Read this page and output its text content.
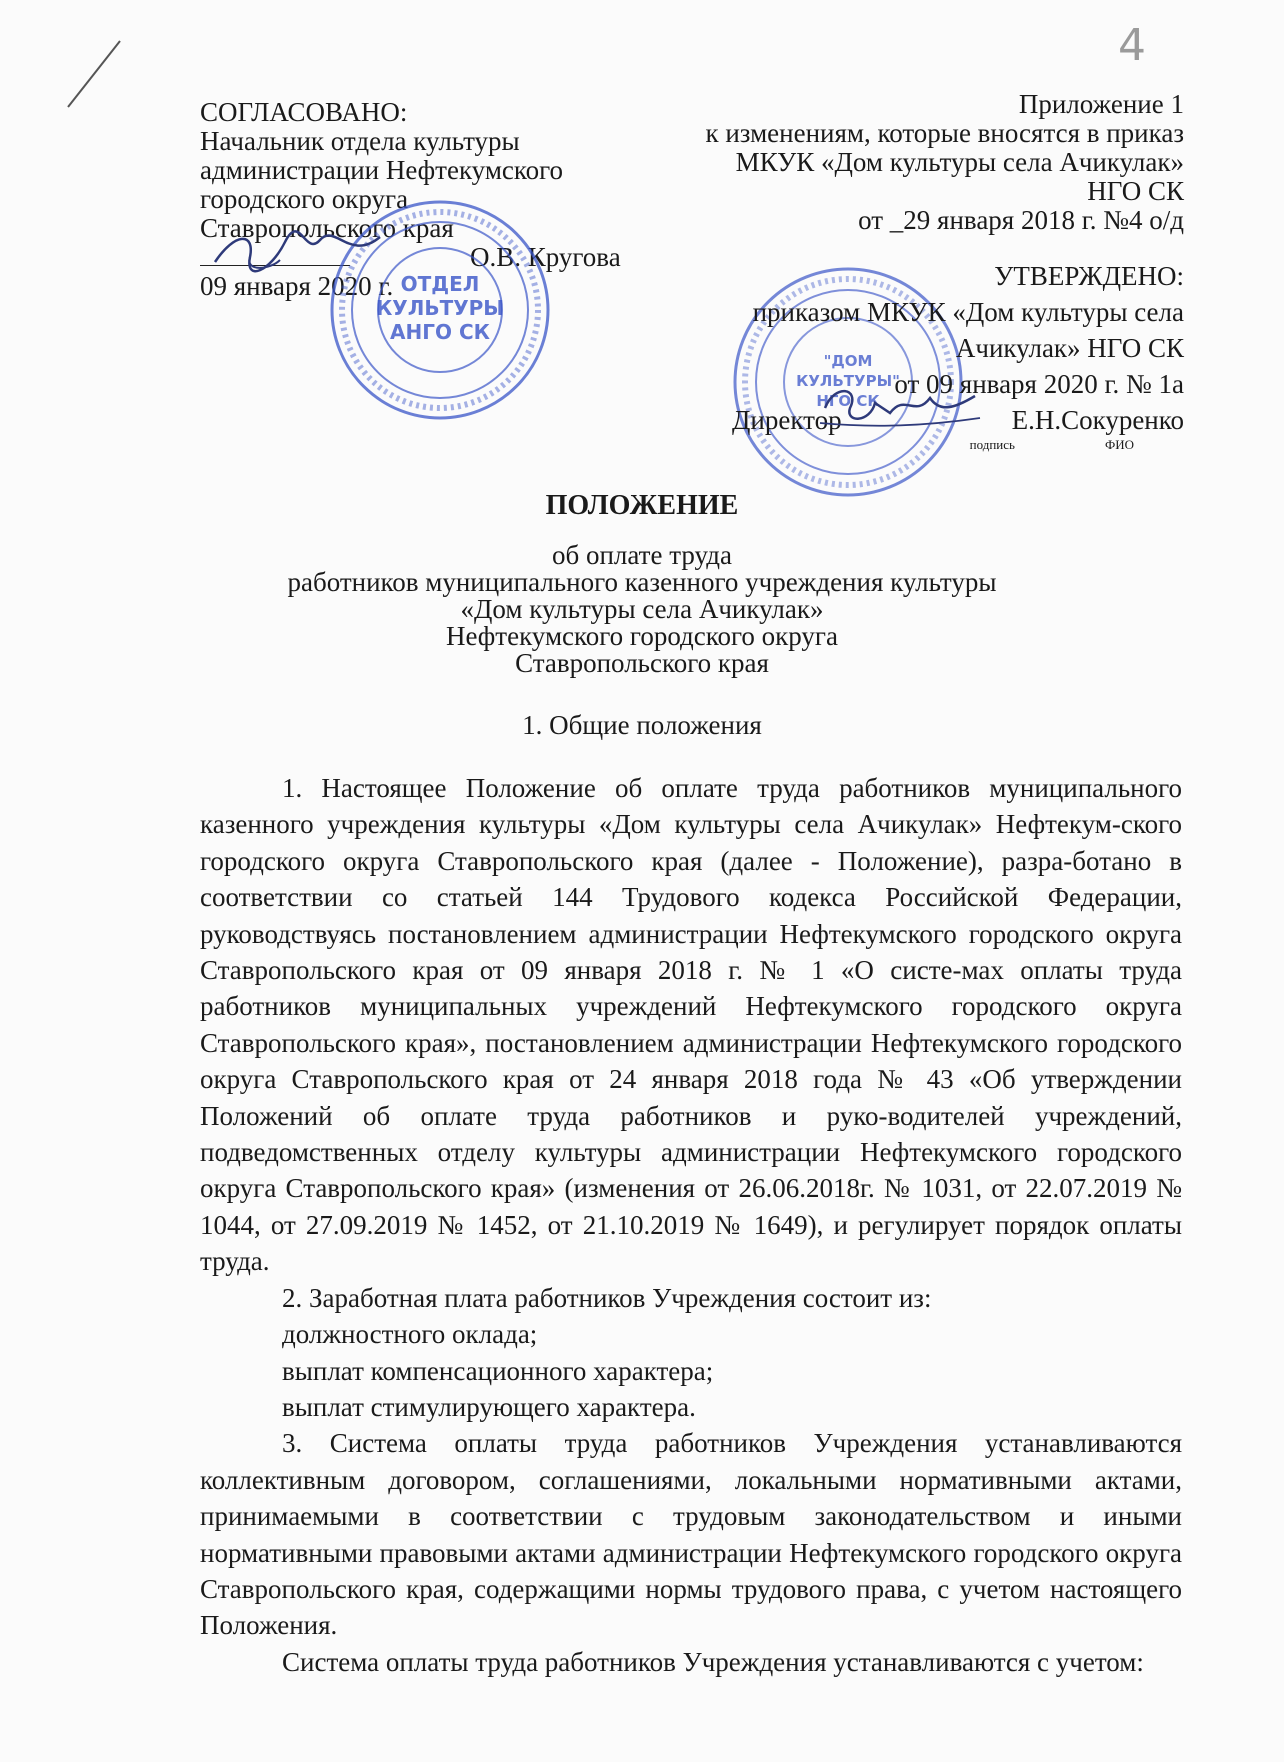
4
СОГЛАСОВАНО:
Начальник отдела культуры
администрации Нефтекумского
городского округа
Ставропольского края
О.В. Кругова
09 января 2020 г. ОТДЕЛ
КУЛЬТУРЫ
АНГО СК
Приложение 1
к изменениям, которые вносятся в приказ
МКУК «Дом культуры села Ачикулак»
НГО СК
от _29 января 2018 г. №4 о/д
"ДОМ
КУЛЬТУРЫ"
НГО СК
УТВЕРЖДЕНО:
приказом МКУК «Дом культуры села
Ачикулак» НГО СК
от 09 января 2020 г. № 1а
Директор	Е.Н.Сокуренко
подпись	ФИО
ПОЛОЖЕНИЕ
об оплате труда
работников муниципального казенного учреждения культуры
«Дом культуры села Ачикулак»
Нефтекумского городского округа
Ставропольского края
1. Общие положения

1. Настоящее Положение об оплате труда работников муниципального казенного учреждения культуры «Дом культуры села Ачикулак» Нефтекум-ского городского округа Ставропольского края (далее - Положение), разра-ботано в соответствии со статьей 144 Трудового кодекса Российской Федерации, руководствуясь постановлением администрации Нефтекумского городского округа Ставропольского края от 09 января 2018 г. № 1 «О систе-мах оплаты труда работников муниципальных учреждений Нефтекумского городского округа Ставропольского края», постановлением администрации Нефтекумского городского округа Ставропольского края от 24 января 2018 года № 43 «Об утверждении Положений об оплате труда работников и руко-водителей учреждений, подведомственных отделу культуры администрации Нефтекумского городского округа Ставропольского края» (изменения от 26.06.2018г. № 1031, от 22.07.2019 № 1044, от 27.09.2019 № 1452, от 21.10.2019 № 1649), и регулирует порядок оплаты труда.

2. Заработная плата работников Учреждения состоит из:

должностного оклада;

выплат компенсационного характера;

выплат стимулирующего характера.

3. Система оплаты труда работников Учреждения устанавливаются коллективным договором, соглашениями, локальными нормативными актами, принимаемыми в соответствии с трудовым законодательством и иными нормативными правовыми актами администрации Нефтекумского городского округа Ставропольского края, содержащими нормы трудового права, с учетом настоящего Положения.

Система оплаты труда работников Учреждения устанавливаются с учетом:
